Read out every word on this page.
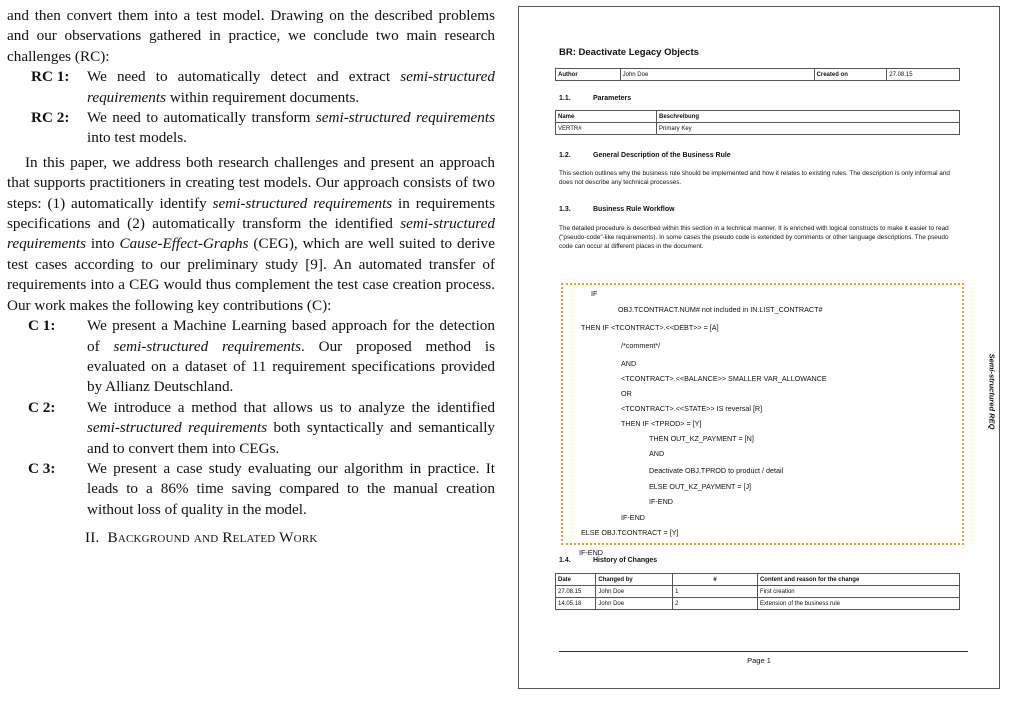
and then convert them into a test model. Drawing on the described problems and our observations gathered in practice, we conclude two main research challenges (RC):

RC 1: We need to automatically detect and extract semi-structured requirements within requirement documents.

RC 2: We need to automatically transform semi-structured requirements into test models.

In this paper, we address both research challenges and present an approach that supports practitioners in creating test models. Our approach consists of two steps: (1) automatically identify semi-structured requirements in requirements specifications and (2) automatically transform the identified semi-structured requirements into Cause-Effect-Graphs (CEG), which are well suited to derive test cases according to our preliminary study [9]. An automated transfer of requirements into a CEG would thus complement the test case creation process. Our work makes the following key contributions (C):

C 1: We present a Machine Learning based approach for the detection of semi-structured requirements. Our proposed method is evaluated on a dataset of 11 requirement specifications provided by Allianz Deutschland.

C 2: We introduce a method that allows us to analyze the identified semi-structured requirements both syntactically and semantically and to convert them into CEGs.

C 3: We present a case study evaluating our algorithm in practice. It leads to a 86% time saving compared to the manual creation without loss of quality in the model.

II. Background and Related Work

BR: Deactivate Legacy Objects
Author	John Doe	Created on	27.08.15
1.1.	Parameters
Name	Beschreibung
VERTR#	Primary Key
1.2.	General Description of the Business Rule
This section outlines why the business rule should be implemented and how it relates to existing rules. The description is only informal and does not describe any technical processes.
1.3.	Business Rule Workflow
The detailed procedure is described within this section in a technical manner. It is enriched with logical constructs to make it easier to read ("pseudo-code"-like requirements). In some cases the pseudo code is extended by comments or other language descriptions. The pseudo code can occur at different places in the document.
IF
OBJ.TCONTRACT.NUM# not included in IN.LIST_CONTRACT#
THEN IF <TCONTRACT>.<<DEBT>> = [A]
/*comment*/
AND
<TCONTRACT>.<<BALANCE>> SMALLER VAR_ALLOWANCE
OR
<TCONTRACT>.<<STATE>> IS reversal [R]
THEN IF <TPROD> = [Y]
THEN OUT_KZ_PAYMENT = [N]
AND
Deactivate OBJ.TPROD to product / detail
ELSE OUT_KZ_PAYMENT = [J]
IF-END
IF-END
ELSE OBJ.TCONTRACT = [Y]
IF-END
1.4.	History of Changes
Date	Changed by	#	Content and reason for the change
27.08.15	John Doe	1	First creation
14.05.18	John Doe	2	Extension of the business rule
Page 1
Semi-structured REQ
